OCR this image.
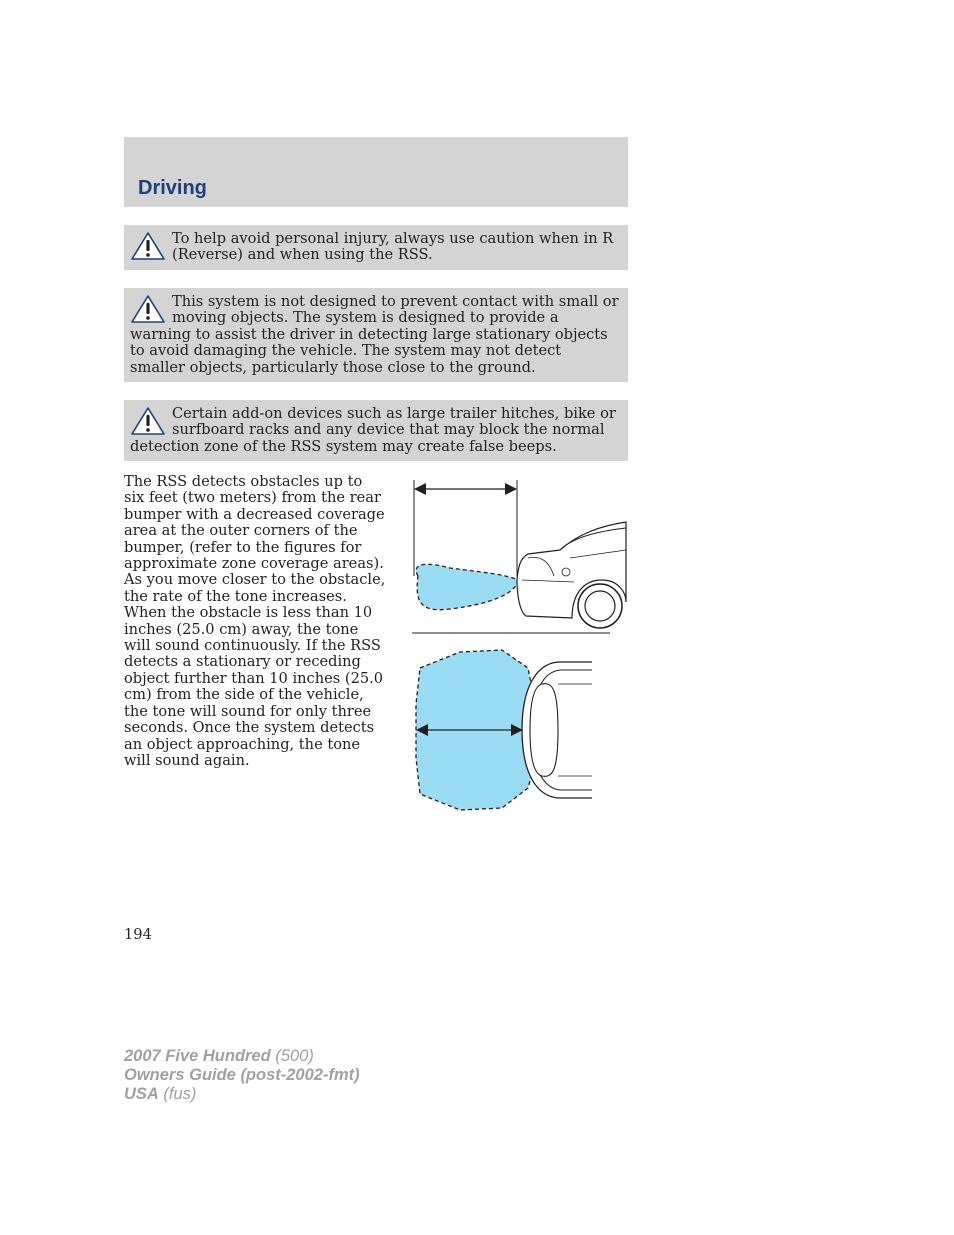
Driving

To help avoid personal injury, always use caution when in R (Reverse) and when using the RSS.

This system is not designed to prevent contact with small or moving objects. The system is designed to provide a warning to assist the driver in detecting large stationary objects to avoid damaging the vehicle. The system may not detect smaller objects, particularly those close to the ground.

Certain add-on devices such as large trailer hitches, bike or surfboard racks and any device that may block the normal detection zone of the RSS system may create false beeps.

The RSS detects obstacles up to six feet (two meters) from the rear bumper with a decreased coverage area at the outer corners of the bumper, (refer to the figures for approximate zone coverage areas). As you move closer to the obstacle, the rate of the tone increases. When the obstacle is less than 10 inches (25.0 cm) away, the tone will sound continuously. If the RSS detects a stationary or receding object further than 10 inches (25.0 cm) from the side of the vehicle, the tone will sound for only three seconds. Once the system detects an object approaching, the tone will sound again.

194

2007 Five Hundred (500)
Owners Guide (post-2002-fmt)
USA (fus)
